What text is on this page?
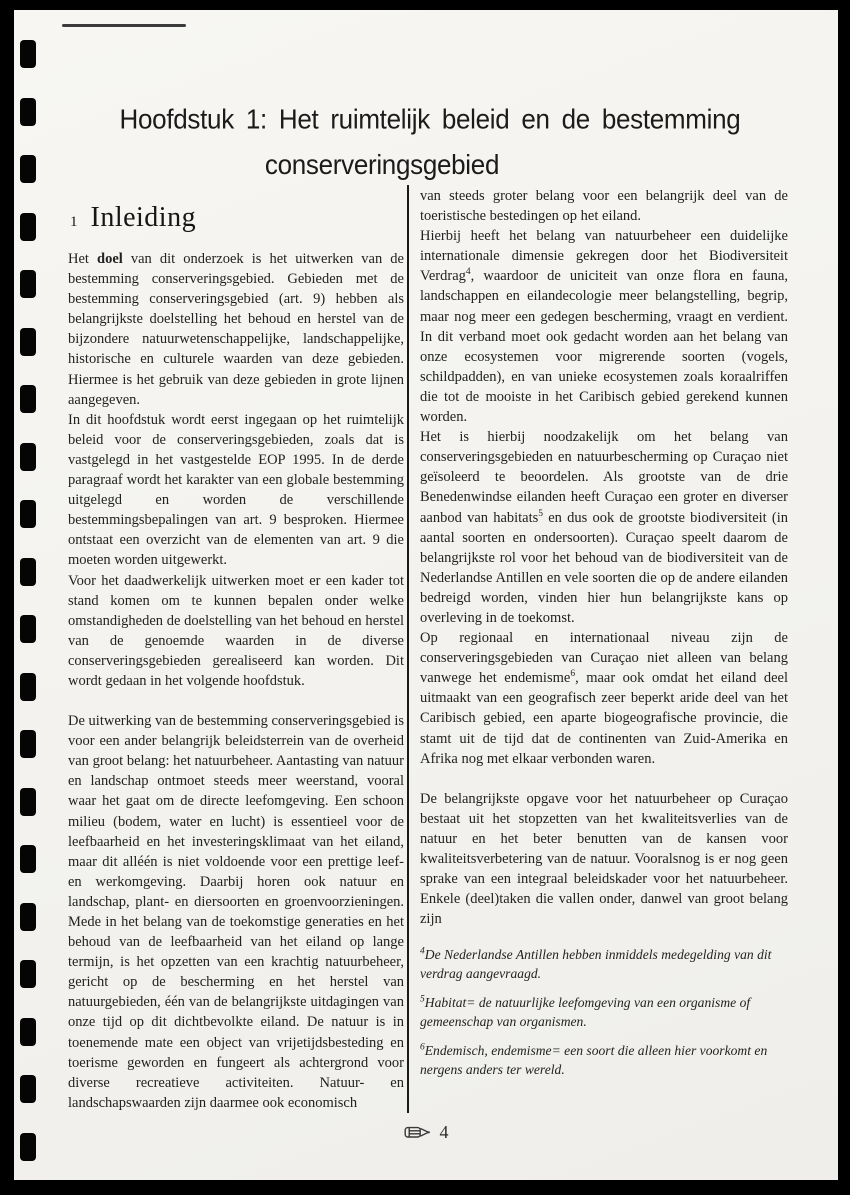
Hoofdstuk 1: Het ruimtelijk beleid en de bestemming
conserveringsgebied
1 Inleiding

Het doel van dit onderzoek is het uitwerken van de bestemming conserveringsgebied. Gebieden met de bestemming conserveringsgebied (art. 9) hebben als belangrijkste doelstelling het behoud en herstel van de bijzondere natuurwetenschappelijke, landschappelijke, historische en culturele waarden van deze gebieden. Hiermee is het gebruik van deze gebieden in grote lijnen aangegeven.

In dit hoofdstuk wordt eerst ingegaan op het ruimtelijk beleid voor de conserveringsgebieden, zoals dat is vastgelegd in het vastgestelde EOP 1995. In de derde paragraaf wordt het karakter van een globale bestemming uitgelegd en worden de verschillende bestemmingsbepalingen van art. 9 besproken. Hiermee ontstaat een overzicht van de elementen van art. 9 die moeten worden uitgewerkt.

Voor het daadwerkelijk uitwerken moet er een kader tot stand komen om te kunnen bepalen onder welke omstandigheden de doelstelling van het behoud en herstel van de genoemde waarden in de diverse conserveringsgebieden gerealiseerd kan worden. Dit wordt gedaan in het volgende hoofdstuk.

De uitwerking van de bestemming conserveringsgebied is voor een ander belangrijk beleidsterrein van de overheid van groot belang: het natuurbeheer. Aantasting van natuur en landschap ontmoet steeds meer weerstand, vooral waar het gaat om de directe leefomgeving. Een schoon milieu (bodem, water en lucht) is essentieel voor de leefbaarheid en het investeringsklimaat van het eiland, maar dit alléén is niet voldoende voor een prettige leef- en werkomgeving. Daarbij horen ook natuur en landschap, plant- en diersoorten en groenvoorzieningen. Mede in het belang van de toekomstige generaties en het behoud van de leefbaarheid van het eiland op lange termijn, is het opzetten van een krachtig natuurbeheer, gericht op de bescherming en het herstel van natuurgebieden, één van de belangrijkste uitdagingen van onze tijd op dit dichtbevolkte eiland. De natuur is in toenemende mate een object van vrijetijdsbesteding en toerisme geworden en fungeert als achtergrond voor diverse recreatieve activiteiten. Natuur- en landschapswaarden zijn daarmee ook economisch

van steeds groter belang voor een belangrijk deel van de toeristische bestedingen op het eiland.

Hierbij heeft het belang van natuurbeheer een duidelijke internationale dimensie gekregen door het Biodiversiteit Verdrag$^4$, waardoor de uniciteit van onze flora en fauna, landschappen en eilandecologie meer belangstelling, begrip, maar nog meer een gedegen bescherming, vraagt en verdient. In dit verband moet ook gedacht worden aan het belang van onze ecosystemen voor migrerende soorten (vogels, schildpadden), en van unieke ecosystemen zoals koraalriffen die tot de mooiste in het Caribisch gebied gerekend kunnen worden.

Het is hierbij noodzakelijk om het belang van conserveringsgebieden en natuurbescherming op Curaçao niet geïsoleerd te beoordelen. Als grootste van de drie Benedenwindse eilanden heeft Curaçao een groter en diverser aanbod van habitats$^5$ en dus ook de grootste biodiversiteit (in aantal soorten en ondersoorten). Curaçao speelt daarom de belangrijkste rol voor het behoud van de biodiversiteit van de Nederlandse Antillen en vele soorten die op de andere eilanden bedreigd worden, vinden hier hun belangrijkste kans op overleving in de toekomst.

Op regionaal en internationaal niveau zijn de conserveringsgebieden van Curaçao niet alleen van belang vanwege het endemisme$^6$, maar ook omdat het eiland deel uitmaakt van een geografisch zeer beperkt aride deel van het Caribisch gebied, een aparte biogeografische provincie, die stamt uit de tijd dat de continenten van Zuid-Amerika en Afrika nog met elkaar verbonden waren.

De belangrijkste opgave voor het natuurbeheer op Curaçao bestaat uit het stopzetten van het kwaliteitsverlies van de natuur en het beter benutten van de kansen voor kwaliteitsverbetering van de natuur. Vooralsnog is er nog geen sprake van een integraal beleidskader voor het natuurbeheer. Enkele (deel)taken die vallen onder, danwel van groot belang zijn

$^4$De Nederlandse Antillen hebben inmiddels medegelding van dit verdrag aangevraagd.

$^5$Habitat= de natuurlijke leefomgeving van een organisme of gemeenschap van organismen.

$^6$Endemisch, endemisme= een soort die alleen hier voorkomt en nergens anders ter wereld.

4
